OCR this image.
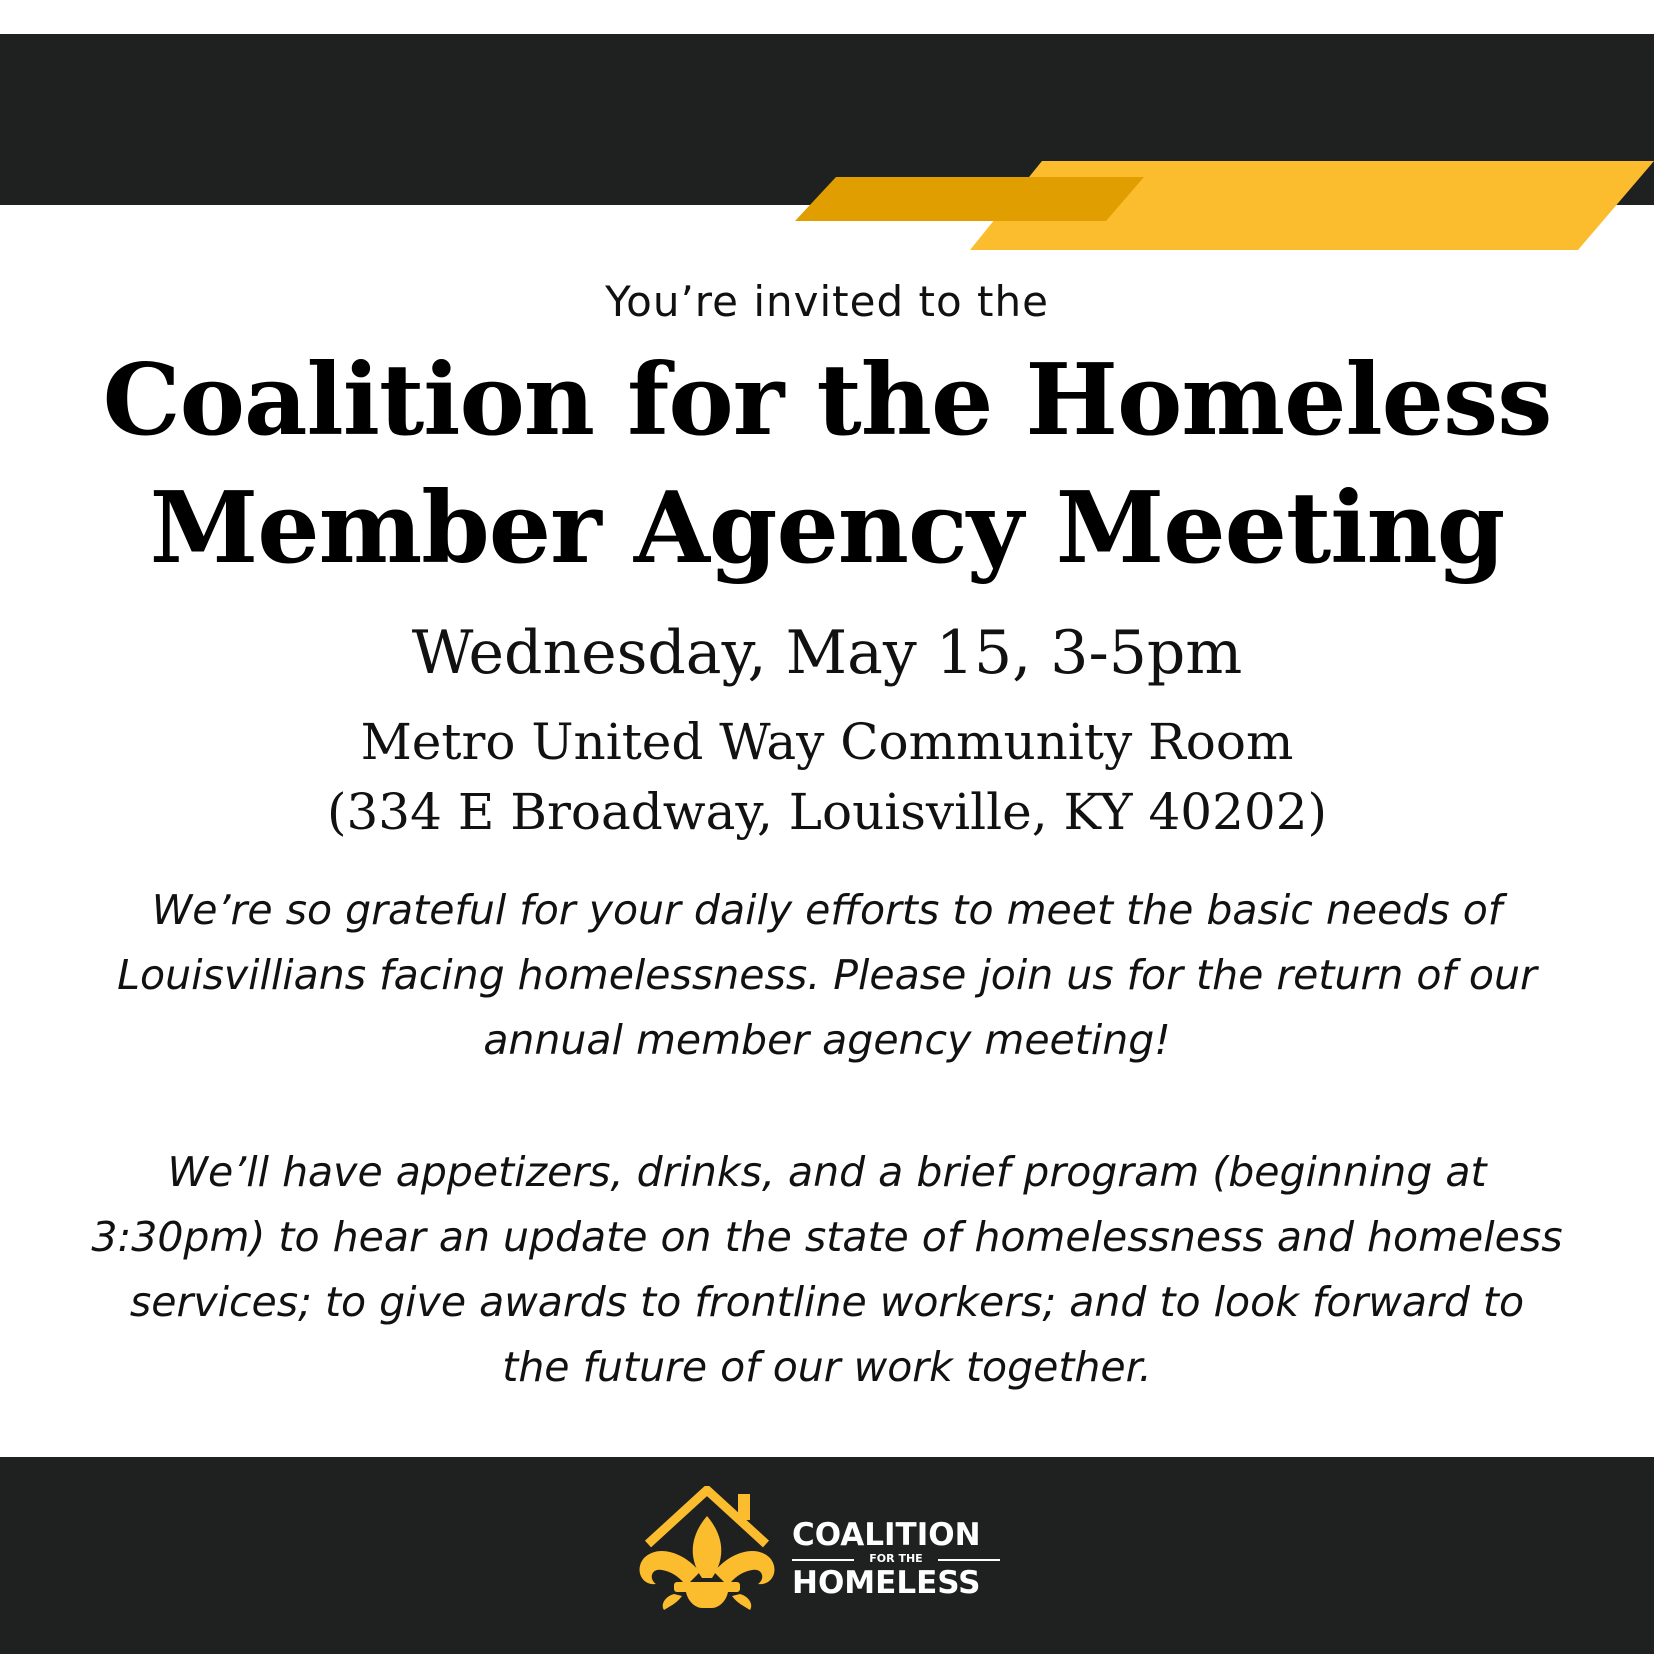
You’re invited to the
Coalition for the Homeless
Member Agency Meeting
Wednesday, May 15, 3-5pm
Metro United Way Community Room
(334 E Broadway, Louisville, KY 40202)

We’re so grateful for your daily efforts to meet the basic needs of Louisvillians facing homelessness. Please join us for the return of our annual member agency meeting!

We’ll have appetizers, drinks, and a brief program (beginning at 3:30pm) to hear an update on the state of homelessness and homeless services; to give awards to frontline workers; and to look forward to the future of our work together.

COALITION
FOR THE
HOMELESS
